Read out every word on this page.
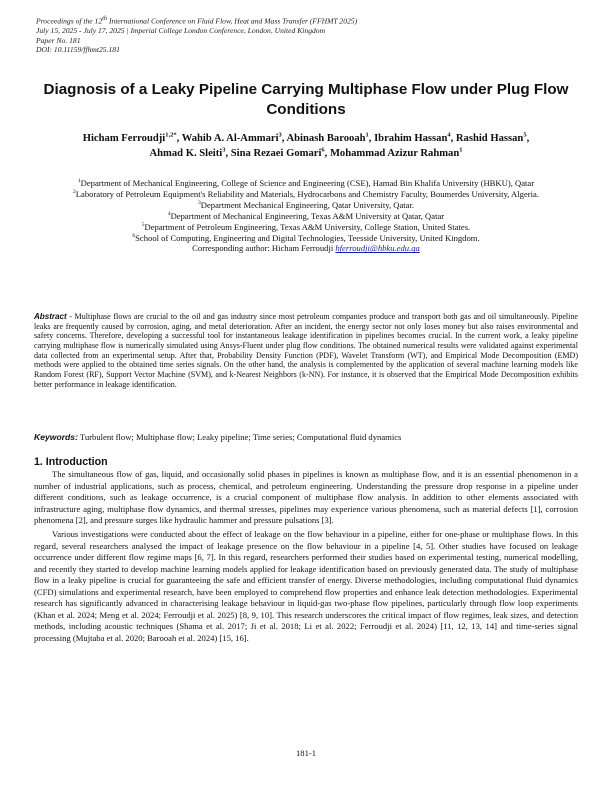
Proceedings of the 12th International Conference on Fluid Flow, Heat and Mass Transfer (FFHMT 2025)
July 15, 2025 - July 17, 2025 | Imperial College London Conference, London, United Kingdom
Paper No. 181
DOI: 10.11159/ffhmt25.181
Diagnosis of a Leaky Pipeline Carrying Multiphase Flow under Plug Flow Conditions
Hicham Ferroudji$^{1,2*}$, Wahib A. Al-Ammari$^3$, Abinash Barooah$^1$, Ibrahim Hassan$^4$, Rashid Hassan$^5$,
Ahmad K. Sleiti$^3$, Sina Rezaei Gomari$^6$, Mohammad Azizur Rahman$^1$
$^1$Department of Mechanical Engineering, College of Science and Engineering (CSE), Hamad Bin Khalifa University (HBKU), Qatar
$^2$Laboratory of Petroleum Equipment's Reliability and Materials, Hydrocarbons and Chemistry Faculty, Boumerdes University, Algeria.
$^3$Department Mechanical Engineering, Qatar University, Qatar.
$^4$Department of Mechanical Engineering, Texas A&M University at Qatar, Qatar
$^5$Department of Petroleum Engineering, Texas A&M University, College Station, United States.
$^6$School of Computing, Engineering and Digital Technologies, Teesside University, United Kingdom.
Corresponding author: Hicham Ferroudji hferroudji@hbku.edu.qa
Abstract - Multiphase flows are crucial to the oil and gas industry since most petroleum companies produce and transport both gas and oil simultaneously. Pipeline leaks are frequently caused by corrosion, aging, and metal deterioration. After an incident, the energy sector not only loses money but also raises environmental and safety concerns. Therefore, developing a successful tool for instantaneous leakage identification in pipelines becomes crucial. In the current work, a leaky pipeline carrying multiphase flow is numerically simulated using Ansys-Fluent under plug flow conditions. The obtained numerical results were validated against experimental data collected from an experimental setup. After that, Probability Density Function (PDF), Wavelet Transform (WT), and Empirical Mode Decomposition (EMD) methods were applied to the obtained time series signals. On the other hand, the analysis is complemented by the application of several machine learning models like Random Forest (RF), Support Vector Machine (SVM), and k-Nearest Neighbors (k-NN). For instance, it is observed that the Empirical Mode Decomposition exhibits better performance in leakage identification.
Keywords: Turbulent flow; Multiphase flow; Leaky pipeline; Time series; Computational fluid dynamics
1. Introduction

The simultaneous flow of gas, liquid, and occasionally solid phases in pipelines is known as multiphase flow, and it is an essential phenomenon in a number of industrial applications, such as process, chemical, and petroleum engineering. Understanding the pressure drop response in a pipeline under different conditions, such as leakage occurrence, is a crucial component of multiphase flow analysis. In addition to other elements associated with infrastructure aging, multiphase flow dynamics, and thermal stresses, pipelines may experience various phenomena, such as material defects [1], corrosion phenomena [2], and pressure surges like hydraulic hammer and pressure pulsations [3].

Various investigations were conducted about the effect of leakage on the flow behaviour in a pipeline, either for one-phase or multiphase flows. In this regard, several researchers analysed the impact of leakage presence on the flow behaviour in a pipeline [4, 5]. Other studies have focused on leakage occurrence under different flow regime maps [6, 7]. In this regard, researchers performed their studies based on experimental testing, numerical modelling, and recently they started to develop machine learning models applied for leakage identification based on previously generated data. The study of multiphase flow in a leaky pipeline is crucial for guaranteeing the safe and efficient transfer of energy. Diverse methodologies, including computational fluid dynamics (CFD) simulations and experimental research, have been employed to comprehend flow properties and enhance leak detection methodologies. Experimental research has significantly advanced in characterising leakage behaviour in liquid-gas two-phase flow pipelines, particularly through flow loop experiments (Khan et al. 2024; Meng et al. 2024; Ferroudji et al. 2025) [8, 9, 10]. This research underscores the critical impact of flow regimes, leak sizes, and detection methods, including acoustic techniques (Shama et al. 2017; Ji et al. 2018; Li et al. 2022; Ferroudji et al. 2024) [11, 12, 13, 14] and time-series signal processing (Mujtaba et al. 2020; Barooah et al. 2024) [15, 16].

181-1
